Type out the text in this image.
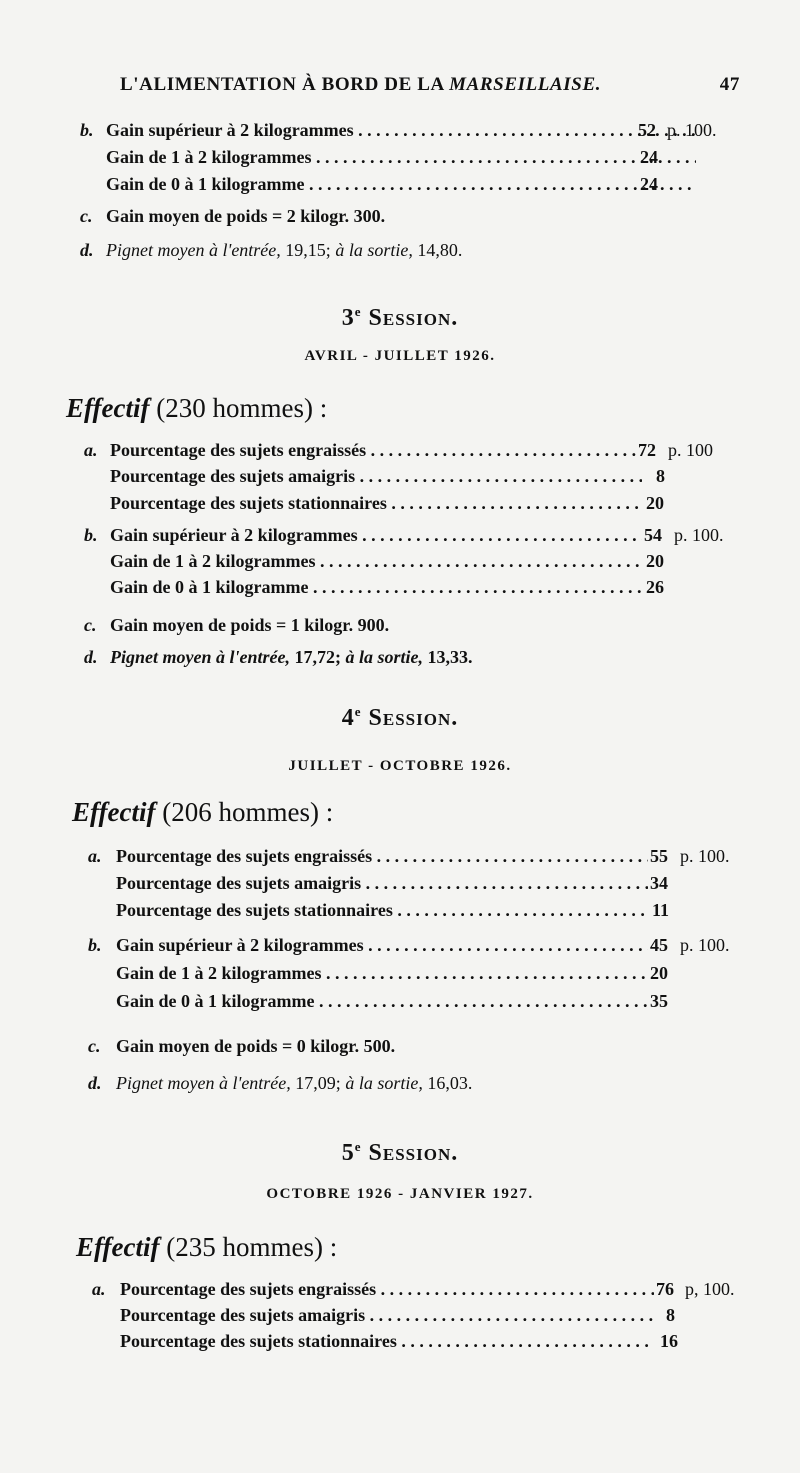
L'ALIMENTATION À BORD DE LA MARSEILLAISE.	47
b. Gain supérieur à 2 kilogrammes . . .	52 p. 100.
Gain de 1 à 2 kilogrammes . . .	24
Gain de 0 à 1 kilogramme . . .	24
c. Gain moyen de poids = 2 kilogr. 300.
d. Pignet moyen à l'entrée, 19,15; à la sortie, 14,80.
3e Session.
AVRIL - JUILLET 1926.
Effectif (230 hommes) :
a. Pourcentage des sujets engraissés . . .	72 p. 100
Pourcentage des sujets amaigris . . .	8
Pourcentage des sujets stationnaires . . .	20
b. Gain supérieur à 2 kilogrammes . . .	54 p. 100.
Gain de 1 à 2 kilogrammes . . .	20
Gain de 0 à 1 kilogramme . . .	26
c. Gain moyen de poids = 1 kilogr. 900.
d. Pignet moyen à l'entrée, 17,72; à la sortie, 13,33.
4e Session.
JUILLET - OCTOBRE 1926.
Effectif (206 hommes) :
a. Pourcentage des sujets engraissés . . .	55 p. 100.
Pourcentage des sujets amaigris . . .	34
Pourcentage des sujets stationnaires . . .	11
b. Gain supérieur à 2 kilogrammes . . .	45 p. 100.
Gain de 1 à 2 kilogrammes . . .	20
Gain de 0 à 1 kilogramme . . .	35
c. Gain moyen de poids = 0 kilogr. 500.
d. Pignet moyen à l'entrée, 17,09; à la sortie, 16,03.
5e Session.
OCTOBRE 1926 - JANVIER 1927.
Effectif (235 hommes) :
a. Pourcentage des sujets engraissés . . .	76 p, 100.
Pourcentage des sujets amaigris . . .	8
Pourcentage des sujets stationnaires . . .	16
